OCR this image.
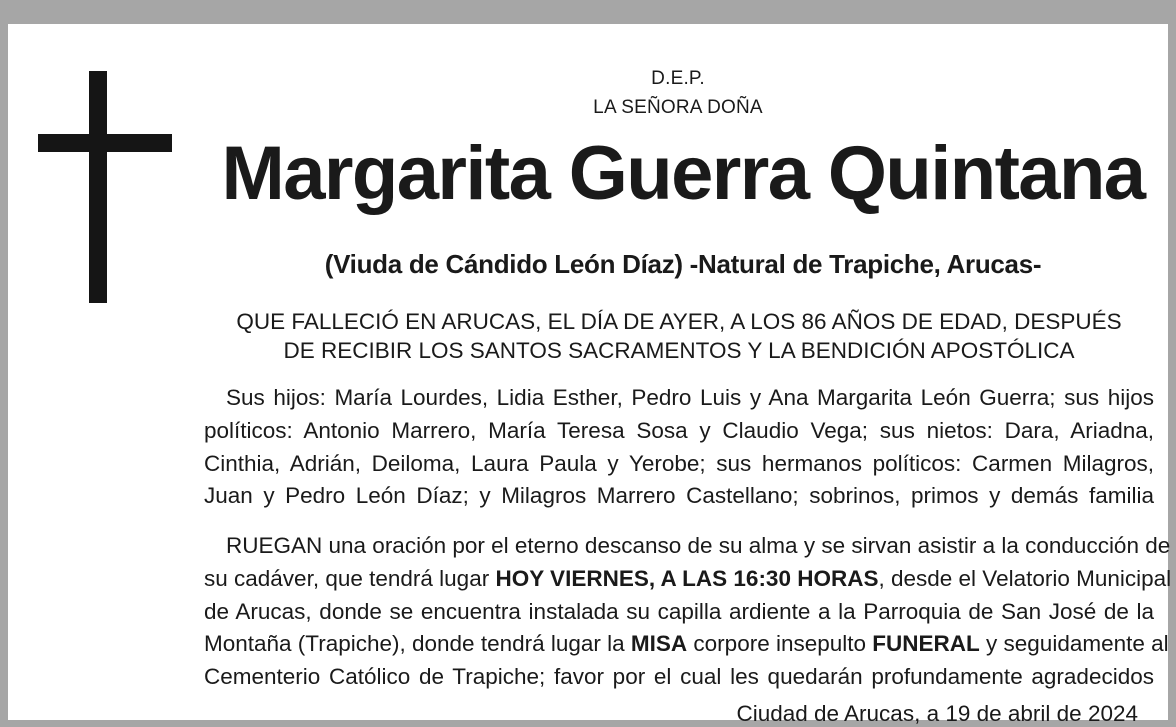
D.E.P.
LA SEÑORA DOÑA
Margarita Guerra Quintana
(Viuda de Cándido León Díaz) -Natural de Trapiche, Arucas-
QUE FALLECIÓ EN ARUCAS, EL DÍA DE AYER, A LOS 86 AÑOS DE EDAD, DESPUÉS
DE RECIBIR LOS SANTOS SACRAMENTOS Y LA BENDICIÓN APOSTÓLICA
Sus hijos: María Lourdes, Lidia Esther, Pedro Luis y Ana Margarita León Guerra; sus hijos
políticos: Antonio Marrero, María Teresa Sosa y Claudio Vega; sus nietos: Dara, Ariadna,
Cinthia, Adrián, Deiloma, Laura Paula y Yerobe; sus hermanos políticos: Carmen Milagros,
Juan y Pedro León Díaz; y Milagros Marrero Castellano; sobrinos, primos y demás familia
RUEGAN una oración por el eterno descanso de su alma y se sirvan asistir a la conducción de
su cadáver, que tendrá lugar HOY VIERNES, A LAS 16:30 HORAS, desde el Velatorio Municipal
de Arucas, donde se encuentra instalada su capilla ardiente a la Parroquia de San José de la
Montaña (Trapiche), donde tendrá lugar la MISA corpore insepulto FUNERAL y seguidamente al
Cementerio Católico de Trapiche; favor por el cual les quedarán profundamente agradecidos
Ciudad de Arucas, a 19 de abril de 2024
